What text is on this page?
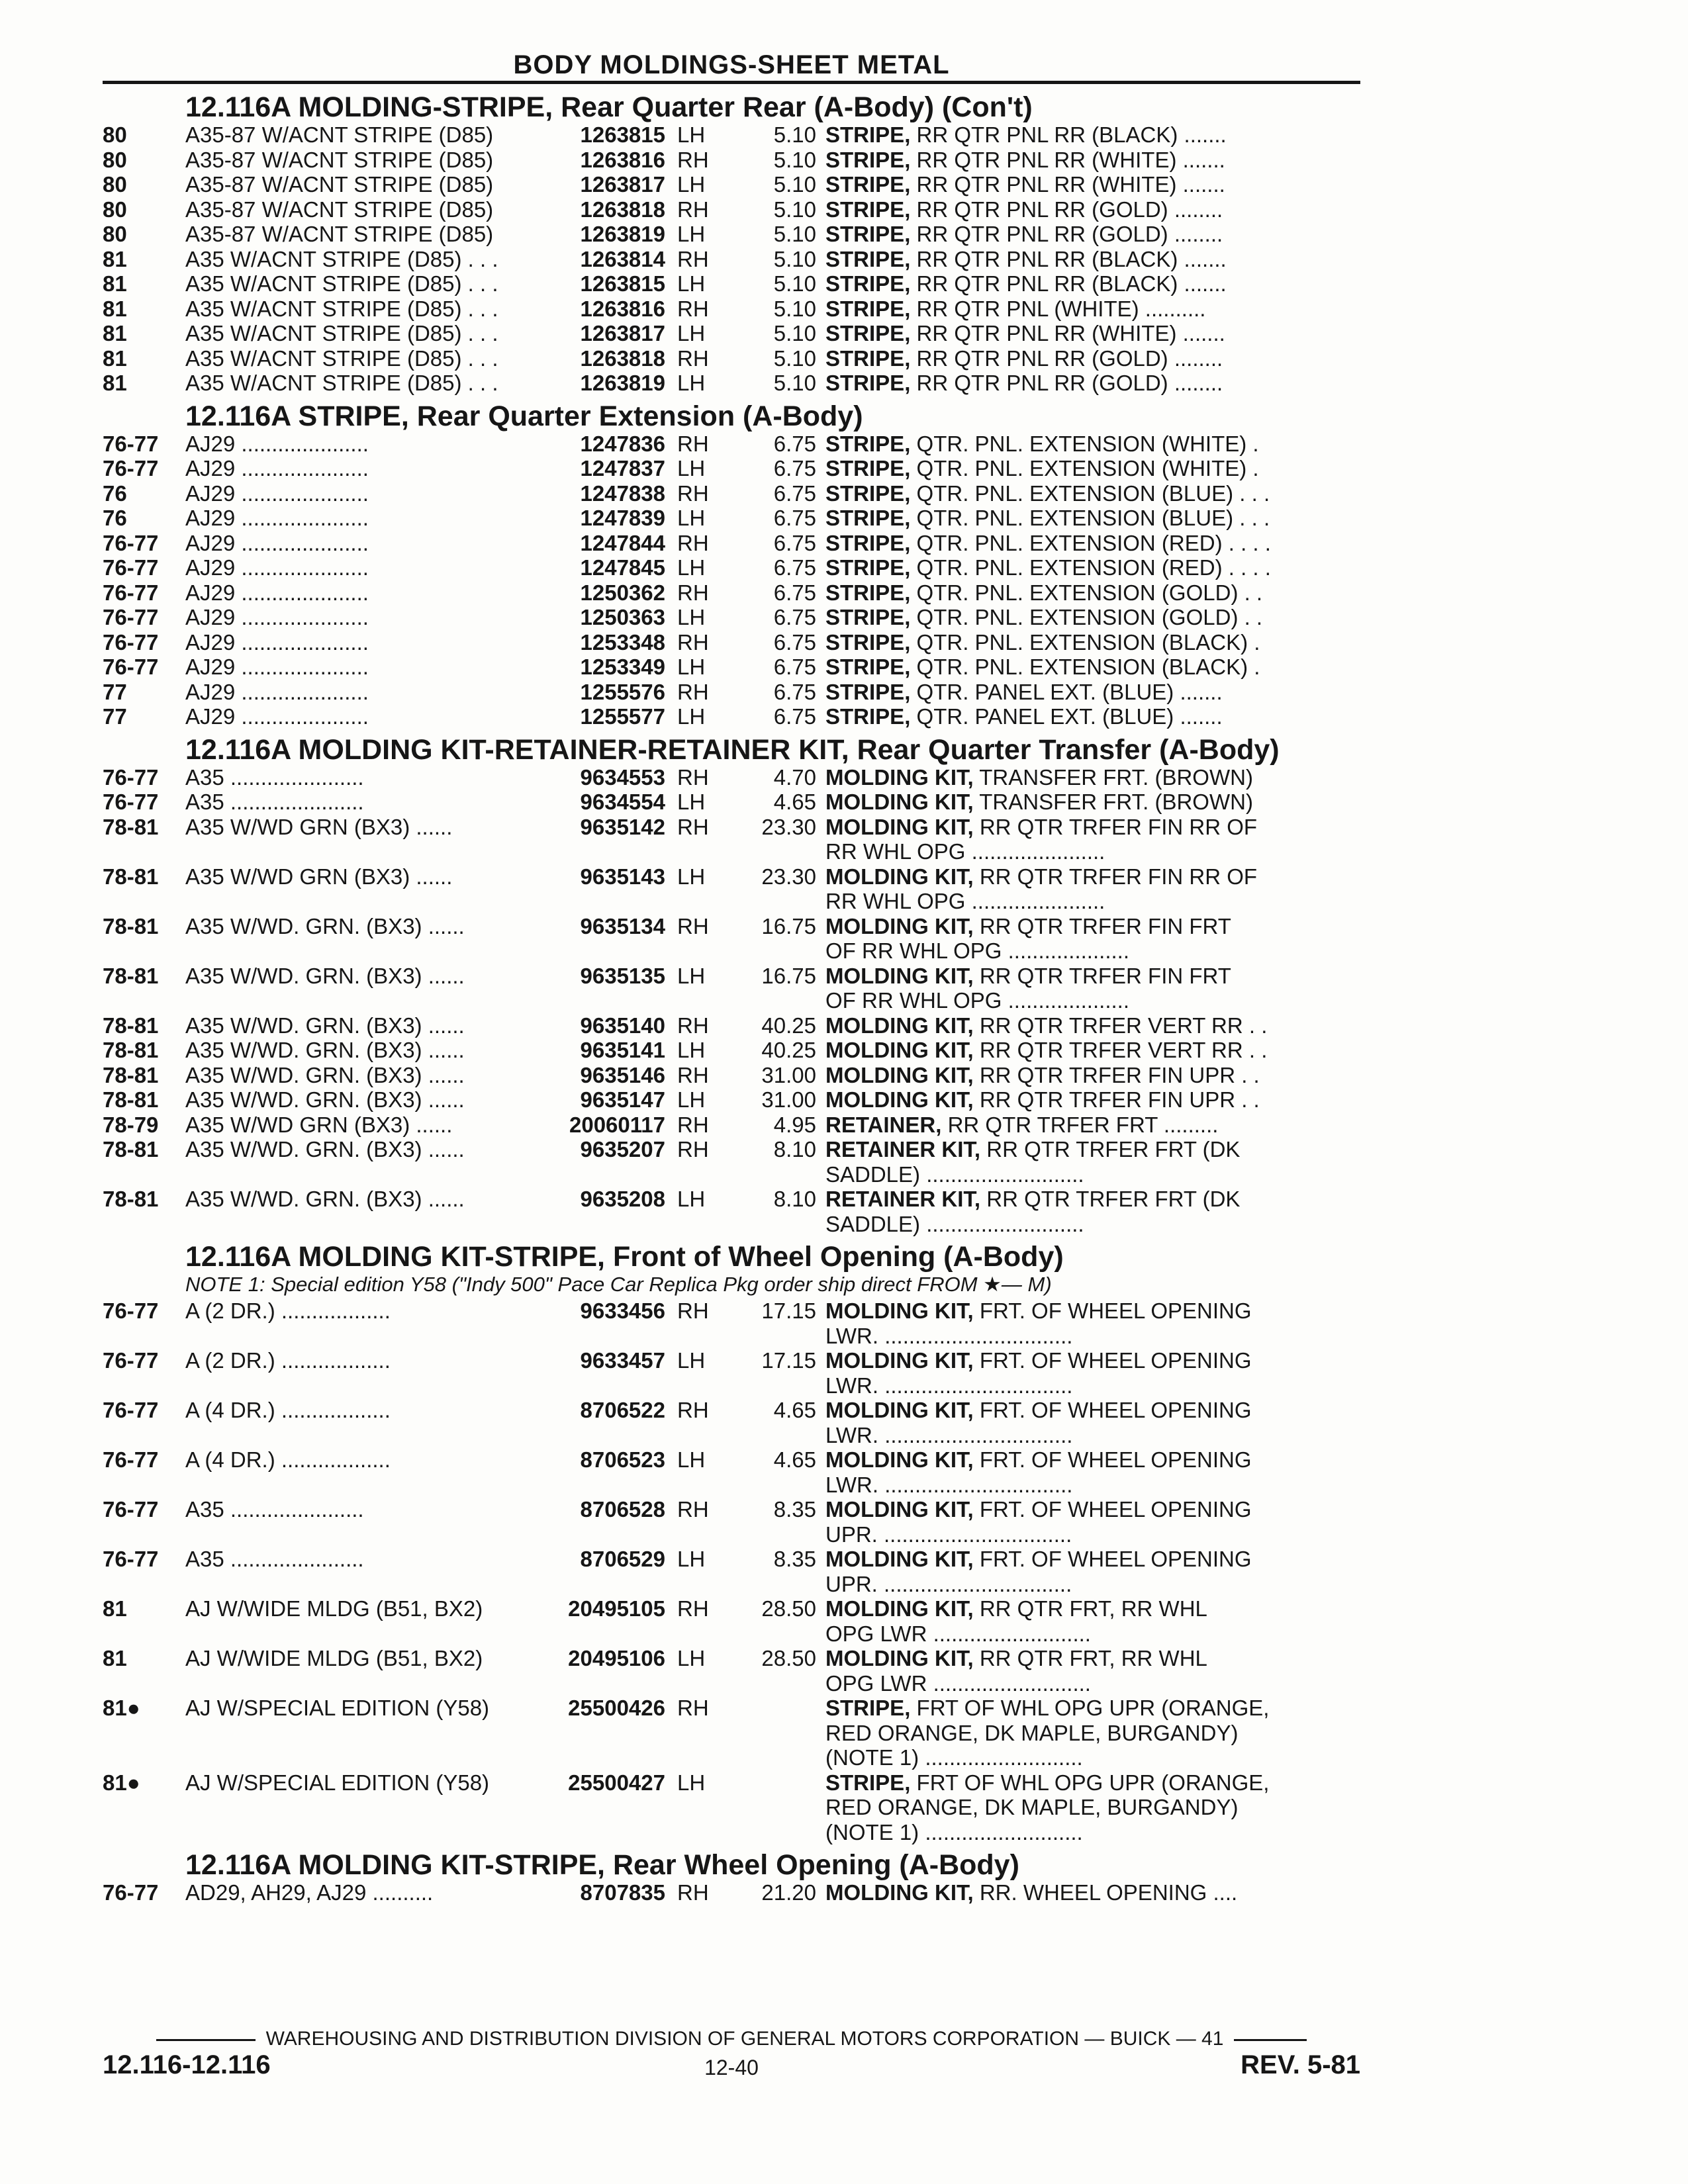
BODY MOLDINGS-SHEET METAL
12.116A MOLDING-STRIPE, Rear Quarter Rear (A-Body) (Con't)
80	A35-87 W/ACNT STRIPE (D85)	1263815 LH	5.10 STRIPE, RR QTR PNL RR (BLACK) .......
80	A35-87 W/ACNT STRIPE (D85)	1263816 RH	5.10 STRIPE, RR QTR PNL RR (WHITE) .......
80	A35-87 W/ACNT STRIPE (D85)	1263817 LH	5.10 STRIPE, RR QTR PNL RR (WHITE) .......
80	A35-87 W/ACNT STRIPE (D85)	1263818 RH	5.10 STRIPE, RR QTR PNL RR (GOLD) ........
80	A35-87 W/ACNT STRIPE (D85)	1263819 LH	5.10 STRIPE, RR QTR PNL RR (GOLD) ........
81	A35 W/ACNT STRIPE (D85) . . .	1263814 RH	5.10 STRIPE, RR QTR PNL RR (BLACK) .......
81	A35 W/ACNT STRIPE (D85) . . .	1263815 LH	5.10 STRIPE, RR QTR PNL RR (BLACK) .......
81	A35 W/ACNT STRIPE (D85) . . .	1263816 RH	5.10 STRIPE, RR QTR PNL (WHITE) ..........
81	A35 W/ACNT STRIPE (D85) . . .	1263817 LH	5.10 STRIPE, RR QTR PNL RR (WHITE) .......
81	A35 W/ACNT STRIPE (D85) . . .	1263818 RH	5.10 STRIPE, RR QTR PNL RR (GOLD) ........
81	A35 W/ACNT STRIPE (D85) . . .	1263819 LH	5.10 STRIPE, RR QTR PNL RR (GOLD) ........
12.116A STRIPE, Rear Quarter Extension (A-Body)
76-77	AJ29 .....................	1247836 RH	6.75 STRIPE, QTR. PNL. EXTENSION (WHITE) .
76-77	AJ29 .....................	1247837 LH	6.75 STRIPE, QTR. PNL. EXTENSION (WHITE) .
76	AJ29 .....................	1247838 RH	6.75 STRIPE, QTR. PNL. EXTENSION (BLUE) . . .
76	AJ29 .....................	1247839 LH	6.75 STRIPE, QTR. PNL. EXTENSION (BLUE) . . .
76-77	AJ29 .....................	1247844 RH	6.75 STRIPE, QTR. PNL. EXTENSION (RED) . . . .
76-77	AJ29 .....................	1247845 LH	6.75 STRIPE, QTR. PNL. EXTENSION (RED) . . . .
76-77	AJ29 .....................	1250362 RH	6.75 STRIPE, QTR. PNL. EXTENSION (GOLD) . .
76-77	AJ29 .....................	1250363 LH	6.75 STRIPE, QTR. PNL. EXTENSION (GOLD) . .
76-77	AJ29 .....................	1253348 RH	6.75 STRIPE, QTR. PNL. EXTENSION (BLACK) .
76-77	AJ29 .....................	1253349 LH	6.75 STRIPE, QTR. PNL. EXTENSION (BLACK) .
77	AJ29 .....................	1255576 RH	6.75 STRIPE, QTR. PANEL EXT. (BLUE) .......
77	AJ29 .....................	1255577 LH	6.75 STRIPE, QTR. PANEL EXT. (BLUE) .......
12.116A MOLDING KIT-RETAINER-RETAINER KIT, Rear Quarter Transfer (A-Body)
76-77	A35 ......................	9634553 RH	4.70 MOLDING KIT, TRANSFER FRT. (BROWN)
76-77	A35 ......................	9634554 LH	4.65 MOLDING KIT, TRANSFER FRT. (BROWN)
78-81	A35 W/WD GRN (BX3) ......	9635142 RH	23.30 MOLDING KIT, RR QTR TRFER FIN RR OF
RR WHL OPG ......................
78-81	A35 W/WD GRN (BX3) ......	9635143 LH	23.30 MOLDING KIT, RR QTR TRFER FIN RR OF
RR WHL OPG ......................
78-81	A35 W/WD. GRN. (BX3) ......	9635134 RH	16.75 MOLDING KIT, RR QTR TRFER FIN FRT
OF RR WHL OPG ....................
78-81	A35 W/WD. GRN. (BX3) ......	9635135 LH	16.75 MOLDING KIT, RR QTR TRFER FIN FRT
OF RR WHL OPG ....................
78-81	A35 W/WD. GRN. (BX3) ......	9635140 RH	40.25 MOLDING KIT, RR QTR TRFER VERT RR . .
78-81	A35 W/WD. GRN. (BX3) ......	9635141 LH	40.25 MOLDING KIT, RR QTR TRFER VERT RR . .
78-81	A35 W/WD. GRN. (BX3) ......	9635146 RH	31.00 MOLDING KIT, RR QTR TRFER FIN UPR . .
78-81	A35 W/WD. GRN. (BX3) ......	9635147 LH	31.00 MOLDING KIT, RR QTR TRFER FIN UPR . .
78-79	A35 W/WD GRN (BX3) ......	20060117 RH	4.95 RETAINER, RR QTR TRFER FRT .........
78-81	A35 W/WD. GRN. (BX3) ......	9635207 RH	8.10 RETAINER KIT, RR QTR TRFER FRT (DK
SADDLE) ..........................
78-81	A35 W/WD. GRN. (BX3) ......	9635208 LH	8.10 RETAINER KIT, RR QTR TRFER FRT (DK
SADDLE) ..........................
12.116A MOLDING KIT-STRIPE, Front of Wheel Opening (A-Body)
NOTE 1: Special edition Y58 ("Indy 500" Pace Car Replica Pkg order ship direct FROM ★— M)
76-77	A (2 DR.) ..................	9633456 RH	17.15 MOLDING KIT, FRT. OF WHEEL OPENING
LWR. ...............................
76-77	A (2 DR.) ..................	9633457 LH	17.15 MOLDING KIT, FRT. OF WHEEL OPENING
LWR. ...............................
76-77	A (4 DR.) ..................	8706522 RH	4.65 MOLDING KIT, FRT. OF WHEEL OPENING
LWR. ...............................
76-77	A (4 DR.) ..................	8706523 LH	4.65 MOLDING KIT, FRT. OF WHEEL OPENING
LWR. ...............................
76-77	A35 ......................	8706528 RH	8.35 MOLDING KIT, FRT. OF WHEEL OPENING
UPR. ...............................
76-77	A35 ......................	8706529 LH	8.35 MOLDING KIT, FRT. OF WHEEL OPENING
UPR. ...............................
81	AJ W/WIDE MLDG (B51, BX2)	20495105 RH	28.50 MOLDING KIT, RR QTR FRT, RR WHL
OPG LWR ..........................
81	AJ W/WIDE MLDG (B51, BX2)	20495106 LH	28.50 MOLDING KIT, RR QTR FRT, RR WHL
OPG LWR ..........................
81●	AJ W/SPECIAL EDITION (Y58)	25500426 RH	STRIPE, FRT OF WHL OPG UPR (ORANGE,
RED ORANGE, DK MAPLE, BURGANDY)
(NOTE 1) ..........................
81●	AJ W/SPECIAL EDITION (Y58)	25500427 LH	STRIPE, FRT OF WHL OPG UPR (ORANGE,
RED ORANGE, DK MAPLE, BURGANDY)
(NOTE 1) ..........................
12.116A MOLDING KIT-STRIPE, Rear Wheel Opening (A-Body)
76-77	AD29, AH29, AJ29 ..........	8707835 RH	21.20 MOLDING KIT, RR. WHEEL OPENING ....
WAREHOUSING AND DISTRIBUTION DIVISION OF GENERAL MOTORS CORPORATION — BUICK — 41
12.116-12.116	12-40	REV. 5-81
